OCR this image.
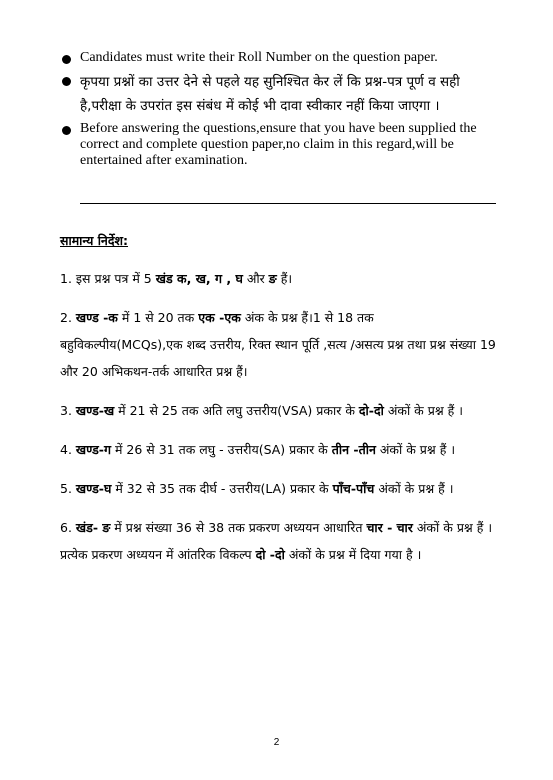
Candidates must write their Roll Number on the question paper.
कृपया प्रश्नों का उत्तर देने से पहले यह सुनिश्चित केर लें कि प्रश्न-पत्र पूर्ण व सही है,परीक्षा के उपरांत इस संबंध में कोई भी दावा स्वीकार नहीं किया जाएगा ।
Before answering the questions,ensure that you have been supplied the correct and complete question paper,no claim in this regard,will be entertained after examination.
सामान्य निर्देश:
1. इस प्रश्न पत्र में 5 खंड क, ख, ग , घ और ङ हैं।
2. खण्ड -क में 1 से 20 तक एक -एक अंक के प्रश्न हैं।1 से 18 तक बहुविकल्पीय(MCQs),एक शब्द उत्तरीय, रिक्त स्थान पूर्ति ,सत्य /असत्य प्रश्न तथा प्रश्न संख्या 19 और 20 अभिकथन-तर्क आधारित प्रश्न हैं।
3. खण्ड-ख में 21 से 25 तक अति लघु उत्तरीय(VSA) प्रकार के दो-दो अंकों के प्रश्न हैं ।
4. खण्ड-ग में 26 से 31 तक लघु - उत्तरीय(SA) प्रकार के तीन -तीन अंकों के प्रश्न हैं ।
5. खण्ड-घ में 32 से 35 तक दीर्घ - उत्तरीय(LA) प्रकार के पाँच-पाँच अंकों के प्रश्न हैं ।
6. खंड- ङ में प्रश्न संख्या 36 से 38 तक प्रकरण अध्ययन आधारित चार - चार अंकों के प्रश्न हैं । प्रत्येक प्रकरण अध्ययन में आंतरिक विकल्प दो -दो अंकों के प्रश्न में दिया गया है ।
2
